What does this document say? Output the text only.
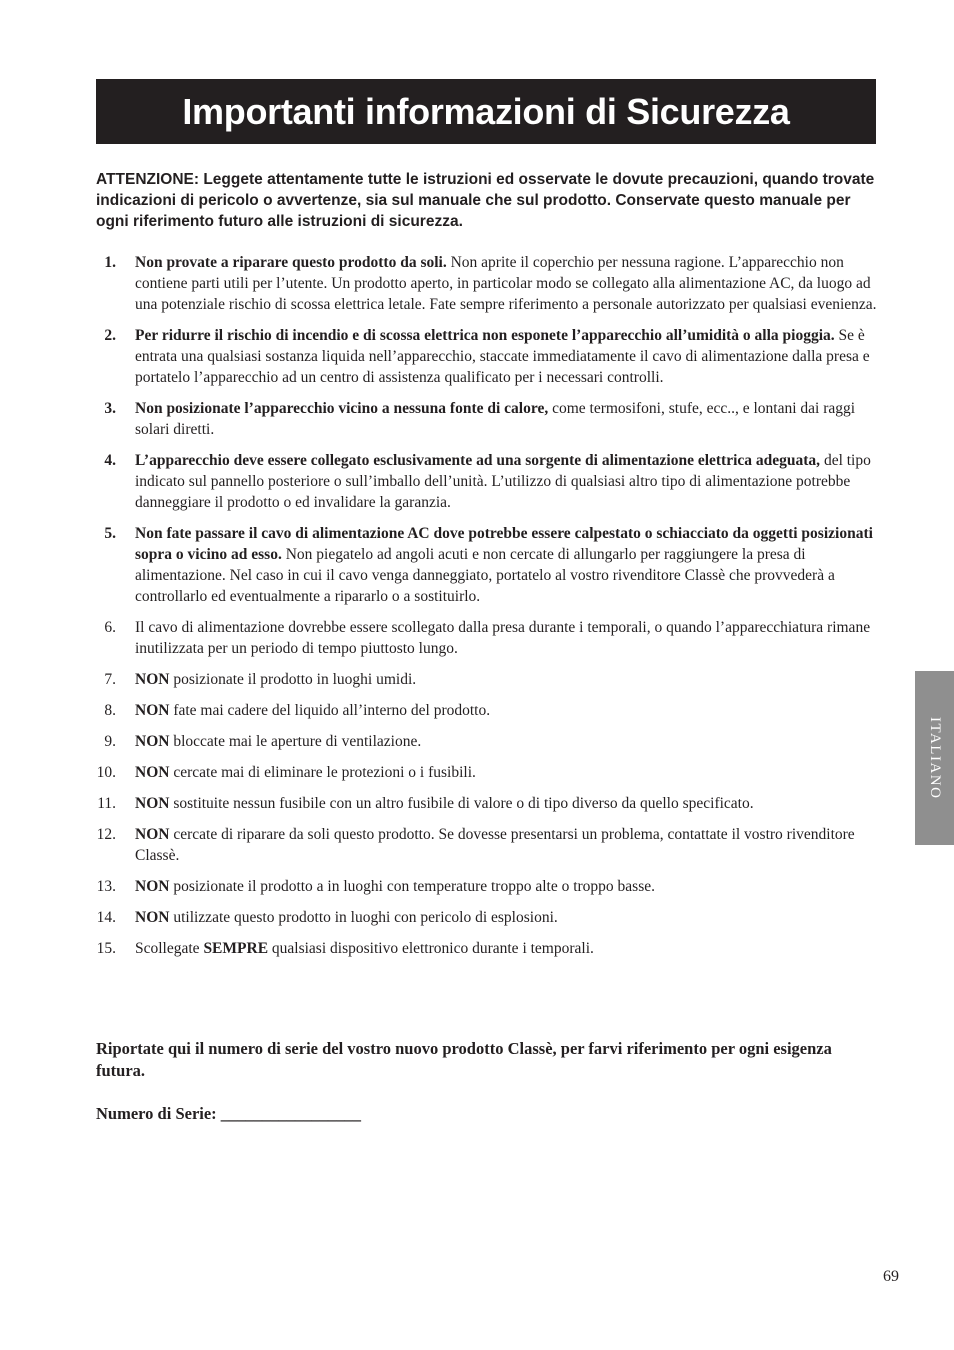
Importanti informazioni di Sicurezza
ATTENZIONE: Leggete attentamente tutte le istruzioni ed osservate le dovute precauzioni, quando trovate indicazioni di pericolo o avvertenze, sia sul manuale che sul prodotto. Conservate questo manuale per ogni riferimento futuro alle istruzioni di sicurezza.
1. Non provate a riparare questo prodotto da soli. Non aprite il coperchio per nessuna ragione. L’apparecchio non contiene parti utili per l’utente. Un prodotto aperto, in particolar modo se collegato alla alimentazione AC, da luogo ad una potenziale rischio di scossa elettrica letale. Fate sempre riferimento a personale autorizzato per qualsiasi evenienza.
2. Per ridurre il rischio di incendio e di scossa elettrica non esponete l’apparecchio all’umidità o alla pioggia. Se è entrata una qualsiasi sostanza liquida nell’apparecchio, staccate immediatamente il cavo di alimentazione dalla presa e portatelo l’apparecchio ad un centro di assistenza qualificato per i necessari controlli.
3. Non posizionate l’apparecchio vicino a nessuna fonte di calore, come termosifoni, stufe, ecc.., e lontani dai raggi solari diretti.
4. L’apparecchio deve essere collegato esclusivamente ad una sorgente di alimentazione elettrica adeguata, del tipo indicato sul pannello posteriore o sull’imballo dell’unità. L’utilizzo di qualsiasi altro tipo di alimentazione potrebbe danneggiare il prodotto o ed invalidare la garanzia.
5. Non fate passare il cavo di alimentazione AC dove potrebbe essere calpestato o schiacciato da oggetti posizionati sopra o vicino ad esso. Non piegatelo ad angoli acuti e non cercate di allungarlo per raggiungere la presa di alimentazione. Nel caso in cui il cavo venga danneggiato, portatelo al vostro rivenditore Classè che provvederà a controllarlo ed eventualmente a ripararlo o a sostituirlo.
6. Il cavo di alimentazione dovrebbe essere scollegato dalla presa durante i temporali, o quando l’apparecchiatura rimane inutilizzata per un periodo di tempo piuttosto lungo.
7. NON posizionate il prodotto in luoghi umidi.
8. NON fate mai cadere del liquido all’interno del prodotto.
9. NON bloccate mai le aperture di ventilazione.
10. NON cercate mai di eliminare le protezioni o i fusibili.
11. NON sostituite nessun fusibile con un altro fusibile di valore o di tipo diverso da quello specificato.
12. NON cercate di riparare da soli questo prodotto. Se dovesse presentarsi un problema, contattate il vostro rivenditore Classè.
13. NON posizionate il prodotto a in luoghi con temperature troppo alte o troppo basse.
14. NON utilizzate questo prodotto in luoghi con pericolo di esplosioni.
15. Scollegate SEMPRE qualsiasi dispositivo elettronico durante i temporali.
Riportate qui il numero di serie del vostro nuovo prodotto Classè, per farvi riferimento per ogni esigenza futura.
Numero di Serie: _________________
ITALIANO
69
